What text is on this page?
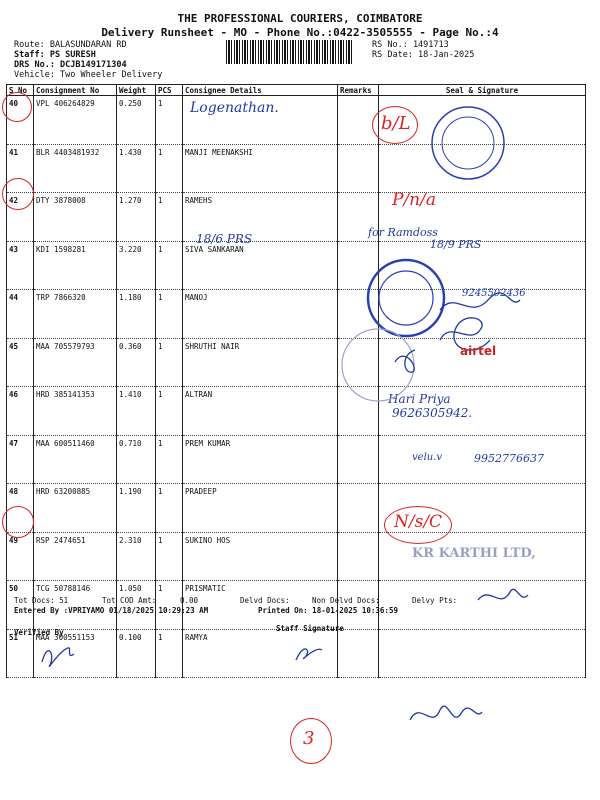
THE PROFESSIONAL COURIERS, COIMBATORE
Delivery Runsheet - MO - Phone No.:0422-3505555 - Page No.:4
Route: BALASUNDARAN RD
Staff: PS SURESH
DRS No.: DCJB149171304
Vehicle: Two Wheeler Delivery
RS No.: 1491713
RS Date: 18-Jan-2025
S No	Consignment No	Weight	PCS	Consignee Details	Remarks	Seal & Signature
40	VPL 406264829	0.250	1			
41	BLR 4403481932	1.430	1	MANJI MEENAKSHI		
42	DTY 3878008	1.270	1	RAMEHS		
43	KDI 1598281	3.220	1	SIVA SANKARAN		
44	TRP 7866320	1.180	1	MANOJ		
45	MAA 705579793	0.360	1	SHRUTHI NAIR		
46	HRD 385141353	1.410	1	ALTRAN		
47	MAA 600511460	0.710	1	PREM KUMAR		
48	HRD 63200885	1.190	1	PRADEEP		
49	RSP 2474651	2.310	1	SUKINO HOS		
50	TCG 50788146	1.050	1	PRISMATIC		
51	MAA 300551153	0.100	1	RAMYA		
Logenathan.
18/6 PRS	for Ramdoss
18/9 PRS
9245502436
Hari Priya
9626305942.
velu.v	9952776637
b/L
P/n/a
N/s/C
3
airtel
KR KARTHI LTD,
Tot Docs: 51	Tot COD Amt:	0.00	Delvd Docs:	Non Delvd Docs:	Delvy Pts:
Entered By :VPRIYAMO 01/18/2025 10:29:23 AM	Printed On: 18-01-2025 10:36:59
Verified By	Staff Signature
